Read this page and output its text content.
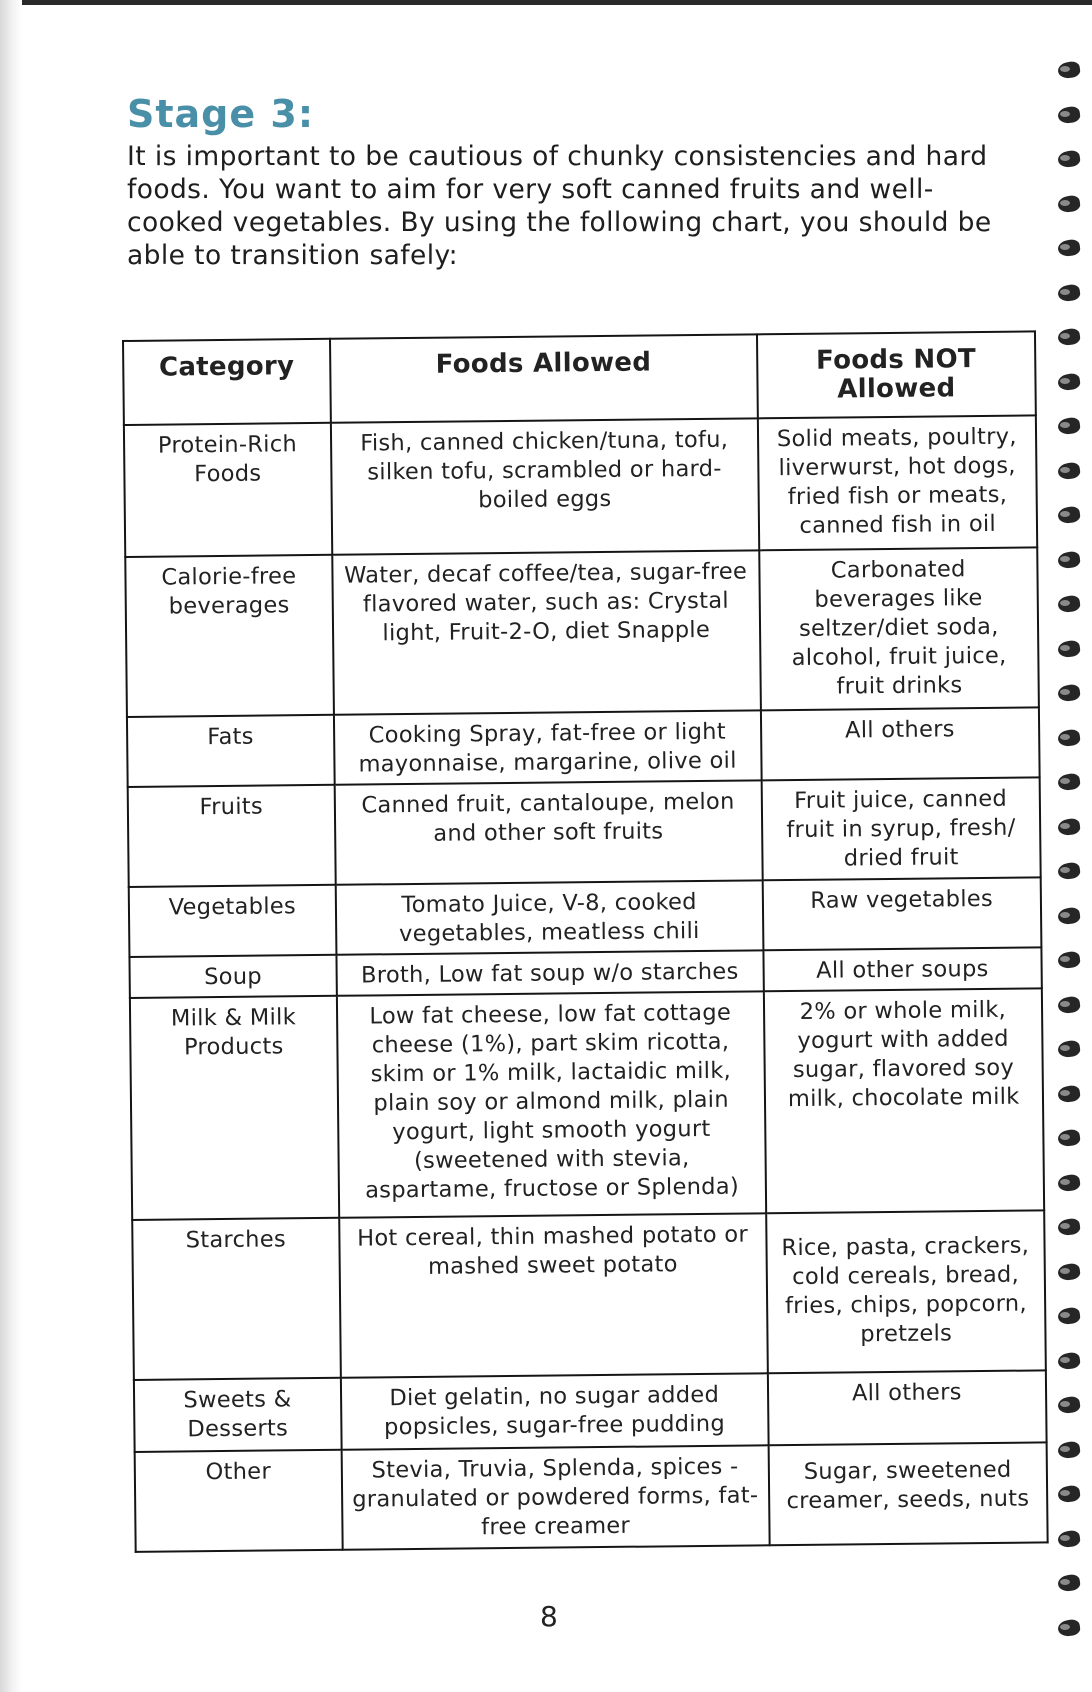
Stage 3:

It is important to be cautious of chunky consistencies and hard foods. You want to aim for very soft canned fruits and well-cooked vegetables. By using the following chart, you should be able to transition safely:

Category	Foods Allowed	Foods NOT Allowed
Protein-Rich Foods	Fish, canned chicken/tuna, tofu, silken tofu, scrambled or hard-boiled eggs	Solid meats, poultry, liverwurst, hot dogs, fried fish or meats, canned fish in oil
Calorie-free beverages	Water, decaf coffee/tea, sugar-free flavored water, such as: Crystal light, Fruit-2-O, diet Snapple	Carbonated beverages like seltzer/diet soda, alcohol, fruit juice, fruit drinks
Fats	Cooking Spray, fat-free or light mayonnaise, margarine, olive oil	All others
Fruits	Canned fruit, cantaloupe, melon and other soft fruits	Fruit juice, canned fruit in syrup, fresh/ dried fruit
Vegetables	Tomato Juice, V-8, cooked vegetables, meatless chili	Raw vegetables
Soup	Broth, Low fat soup w/o starches	All other soups
Milk & Milk Products	Low fat cheese, low fat cottage cheese (1%), part skim ricotta, skim or 1% milk, lactaidic milk, plain soy or almond milk, plain yogurt, light smooth yogurt (sweetened with stevia, aspartame, fructose or Splenda)	2% or whole milk, yogurt with added sugar, flavored soy milk, chocolate milk
Starches	Hot cereal, thin mashed potato or mashed sweet potato	Rice, pasta, crackers, cold cereals, bread, fries, chips, popcorn, pretzels
Sweets & Desserts	Diet gelatin, no sugar added popsicles, sugar-free pudding	All others
Other	Stevia, Truvia, Splenda, spices - granulated or powdered forms, fat-free creamer	Sugar, sweetened creamer, seeds, nuts

8
